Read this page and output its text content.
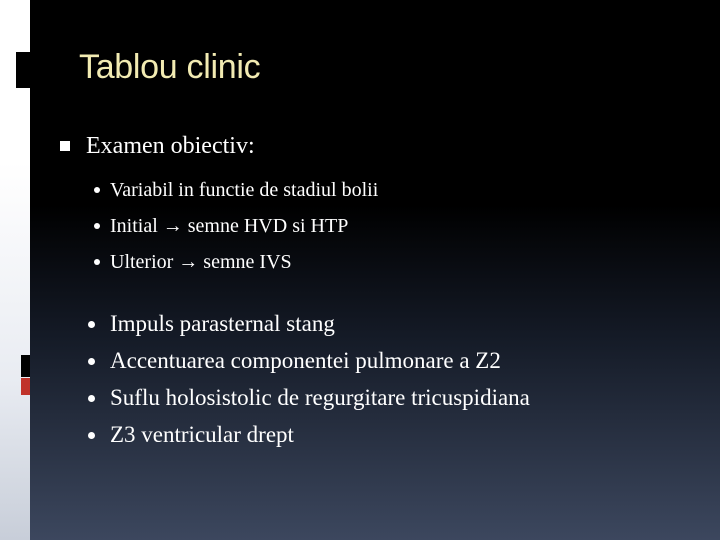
Tablou clinic
Examen obiectiv:
Variabil in functie de stadiul bolii
Initial → semne HVD si HTP
Ulterior → semne IVS
Impuls parasternal stang
Accentuarea componentei pulmonare a Z2
Suflu holosistolic de regurgitare tricuspidiana
Z3 ventricular drept
